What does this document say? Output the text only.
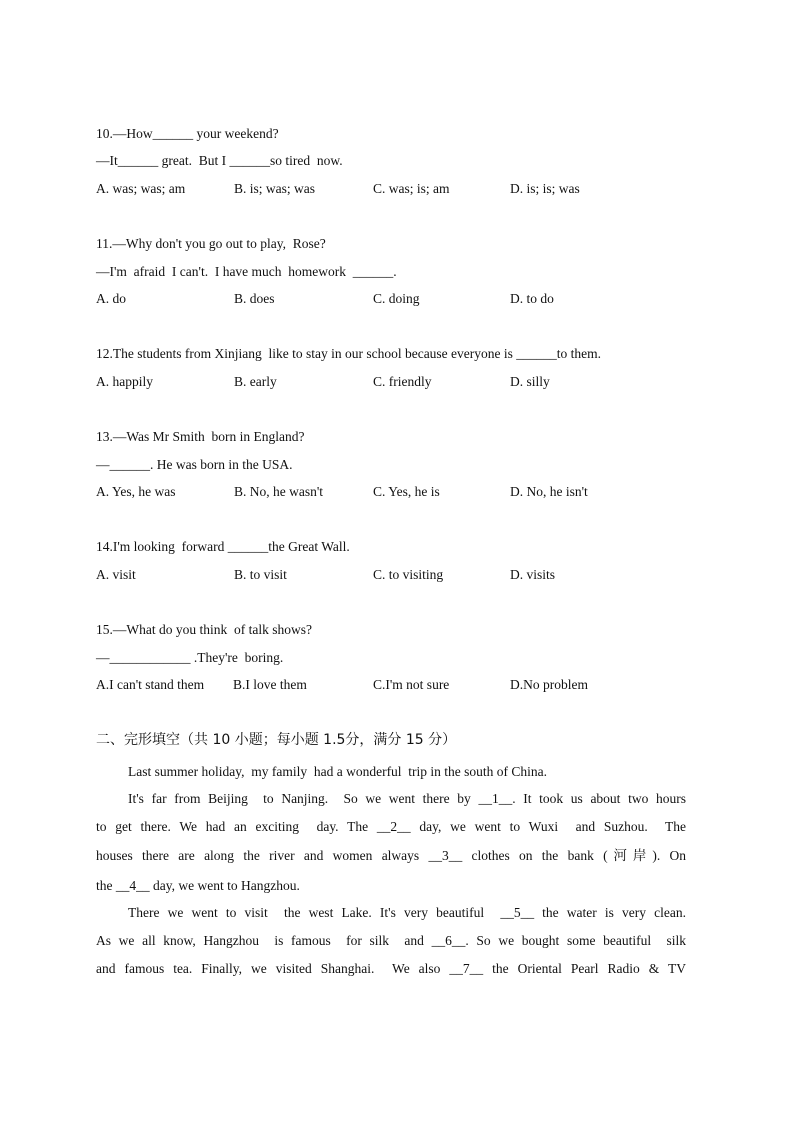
10.—How______ your weekend?
—It______ great.  But I ______so tired  now.
A. was; was; am	B. is; was; was	C. was; is; am	D. is; is; was
11.—Why don't you go out to play,  Rose?
—I'm  afraid  I can't.  I have much  homework  ______.
A. do	B. does	C. doing	D. to do
12.The students from Xinjiang  like to stay in our school because everyone is ______to them.
A. happily	B. early	C. friendly	D. silly
13.—Was Mr Smith  born in England?
—______. He was born in the USA.
A. Yes, he was	B. No, he wasn't	C. Yes, he is	D. No, he isn't
14.I'm looking  forward ______the Great Wall.
A. visit	B. to visit	C. to visiting	D. visits
15.—What do you think  of talk shows?
—____________ .They're  boring.
A.I can't stand them B.I love them	C.I'm not sure	D.No problem
二、完形填空（共 10 小题；每小题 1.5分，满分 15 分）
Last summer holiday,  my family  had a wonderful  trip in the south of China.
It's far from Beijing  to Nanjing.  So we went there by __1__. It took us about two hours
to get there. We had an exciting  day. The __2__ day, we went to Wuxi  and Suzhou.  The
houses there are along the river and women always __3__ clothes on the bank (河岸). On
the __4__ day, we went to Hangzhou.
There we went to visit  the west Lake. It's very beautiful  __5__ the water is very clean.
As we all know, Hangzhou  is famous  for silk  and __6__. So we bought some beautiful  silk
and famous tea. Finally, we visited Shanghai.  We also __7__ the Oriental Pearl Radio & TV
